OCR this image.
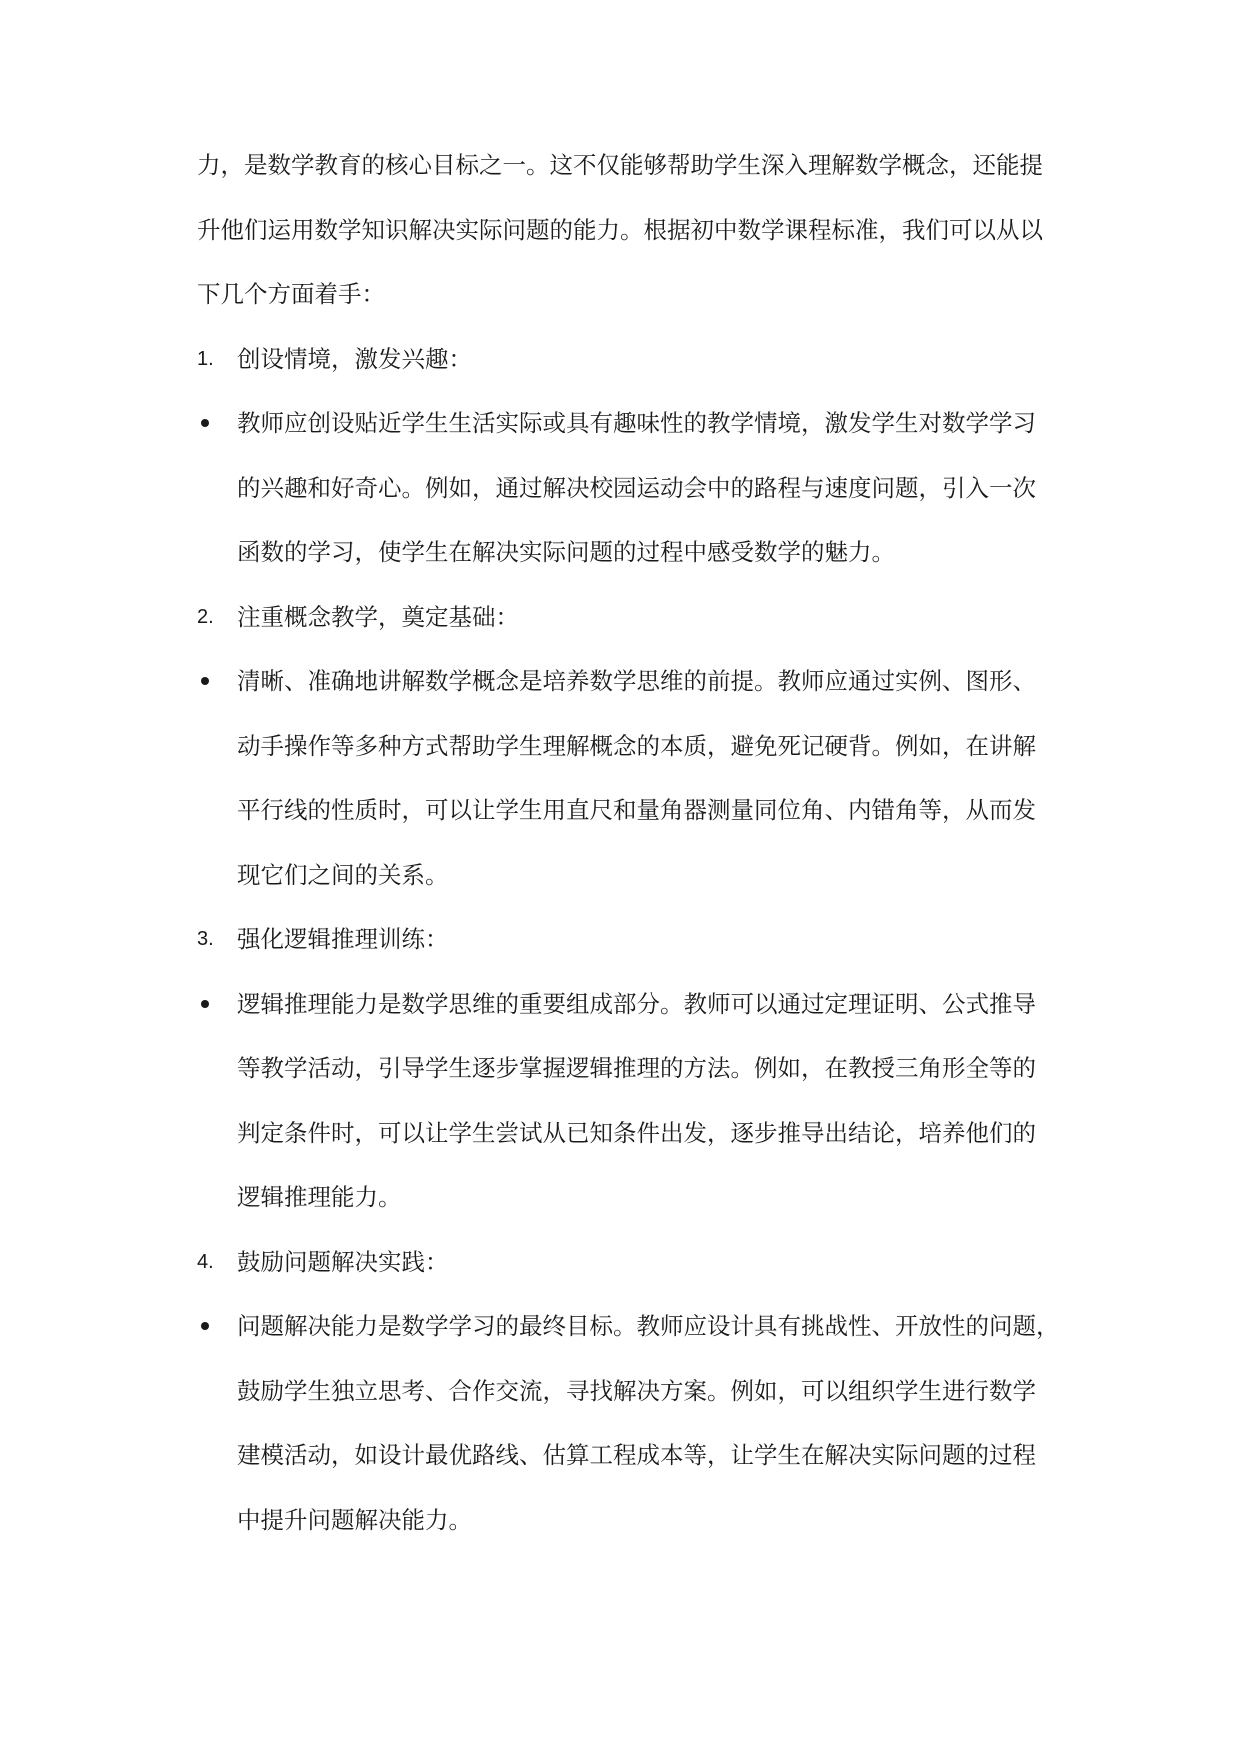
力，是数学教育的核心目标之一。这不仅能够帮助学生深入理解数学概念，还能提
升他们运用数学知识解决实际问题的能力。根据初中数学课程标准，我们可以从以
下几个方面着手：
1. 创设情境，激发兴趣：
教师应创设贴近学生生活实际或具有趣味性的教学情境，激发学生对数学学习
的兴趣和好奇心。例如，通过解决校园运动会中的路程与速度问题，引入一次
函数的学习，使学生在解决实际问题的过程中感受数学的魅力。
2. 注重概念教学，奠定基础：
清晰、准确地讲解数学概念是培养数学思维的前提。教师应通过实例、图形、
动手操作等多种方式帮助学生理解概念的本质，避免死记硬背。例如，在讲解
平行线的性质时，可以让学生用直尺和量角器测量同位角、内错角等，从而发
现它们之间的关系。
3. 强化逻辑推理训练：
逻辑推理能力是数学思维的重要组成部分。教师可以通过定理证明、公式推导
等教学活动，引导学生逐步掌握逻辑推理的方法。例如，在教授三角形全等的
判定条件时，可以让学生尝试从已知条件出发，逐步推导出结论，培养他们的
逻辑推理能力。
4. 鼓励问题解决实践：
问题解决能力是数学学习的最终目标。教师应设计具有挑战性、开放性的问题，
鼓励学生独立思考、合作交流，寻找解决方案。例如，可以组织学生进行数学
建模活动，如设计最优路线、估算工程成本等，让学生在解决实际问题的过程
中提升问题解决能力。
